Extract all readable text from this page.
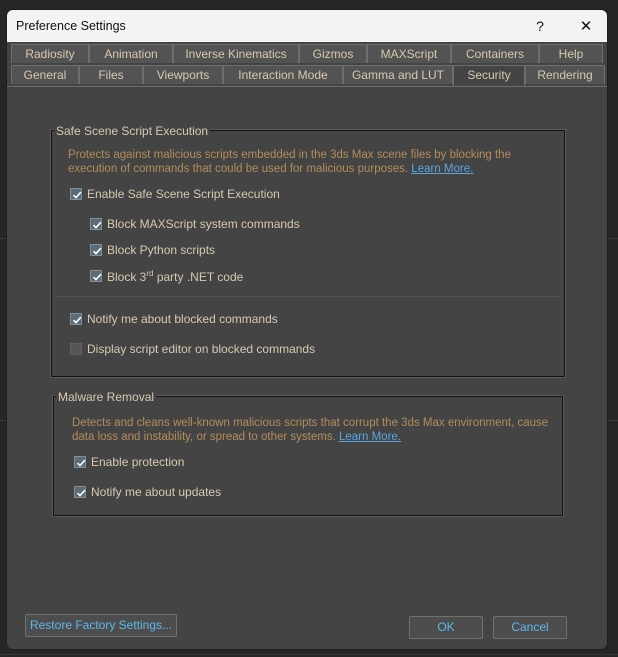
Preference Settings	? ✕
Radiosity	Animation	Inverse Kinematics	Gizmos	MAXScript	Containers	Help
General	Files	Viewports	Interaction Mode	Gamma and LUT	Security	Rendering
Safe Scene Script Execution
Protects against malicious scripts embedded in the 3ds Max scene files by blocking the execution of commands that could be used for malicious purposes. Learn More.
Enable Safe Scene Script Execution
Block MAXScript system commands
Block Python scripts
Block 3rd party .NET code
Notify me about blocked commands
Display script editor on blocked commands
Malware Removal
Detects and cleans well-known malicious scripts that corrupt the 3ds Max environment, cause data loss and instability, or spread to other systems. Learn More.
Enable protection
Notify me about updates
Restore Factory Settings...	OK	Cancel
